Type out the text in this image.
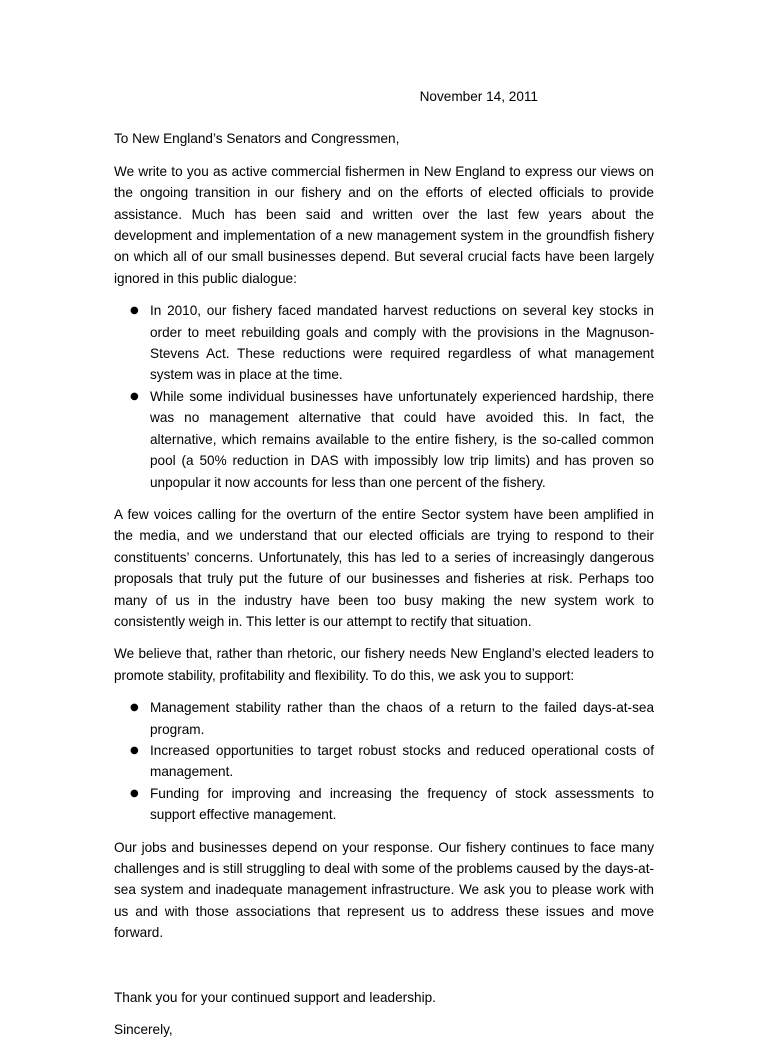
November 14, 2011

To New England’s Senators and Congressmen,

We write to you as active commercial fishermen in New England to express our views on the ongoing transition in our fishery and on the efforts of elected officials to provide assistance. Much has been said and written over the last few years about the development and implementation of a new management system in the groundfish fishery on which all of our small businesses depend. But several crucial facts have been largely ignored in this public dialogue:

● In 2010, our fishery faced mandated harvest reductions on several key stocks in order to meet rebuilding goals and comply with the provisions in the Magnuson-Stevens Act. These reductions were required regardless of what management system was in place at the time.
● While some individual businesses have unfortunately experienced hardship, there was no management alternative that could have avoided this. In fact, the alternative, which remains available to the entire fishery, is the so-called common pool (a 50% reduction in DAS with impossibly low trip limits) and has proven so unpopular it now accounts for less than one percent of the fishery.

A few voices calling for the overturn of the entire Sector system have been amplified in the media, and we understand that our elected officials are trying to respond to their constituents’ concerns. Unfortunately, this has led to a series of increasingly dangerous proposals that truly put the future of our businesses and fisheries at risk. Perhaps too many of us in the industry have been too busy making the new system work to consistently weigh in. This letter is our attempt to rectify that situation.

We believe that, rather than rhetoric, our fishery needs New England’s elected leaders to promote stability, profitability and flexibility. To do this, we ask you to support:

● Management stability rather than the chaos of a return to the failed days-at-sea program.
● Increased opportunities to target robust stocks and reduced operational costs of management.
● Funding for improving and increasing the frequency of stock assessments to support effective management.

Our jobs and businesses depend on your response. Our fishery continues to face many challenges and is still struggling to deal with some of the problems caused by the days-at-sea system and inadequate management infrastructure. We ask you to please work with us and with those associations that represent us to address these issues and move forward.

Thank you for your continued support and leadership.

Sincerely,
